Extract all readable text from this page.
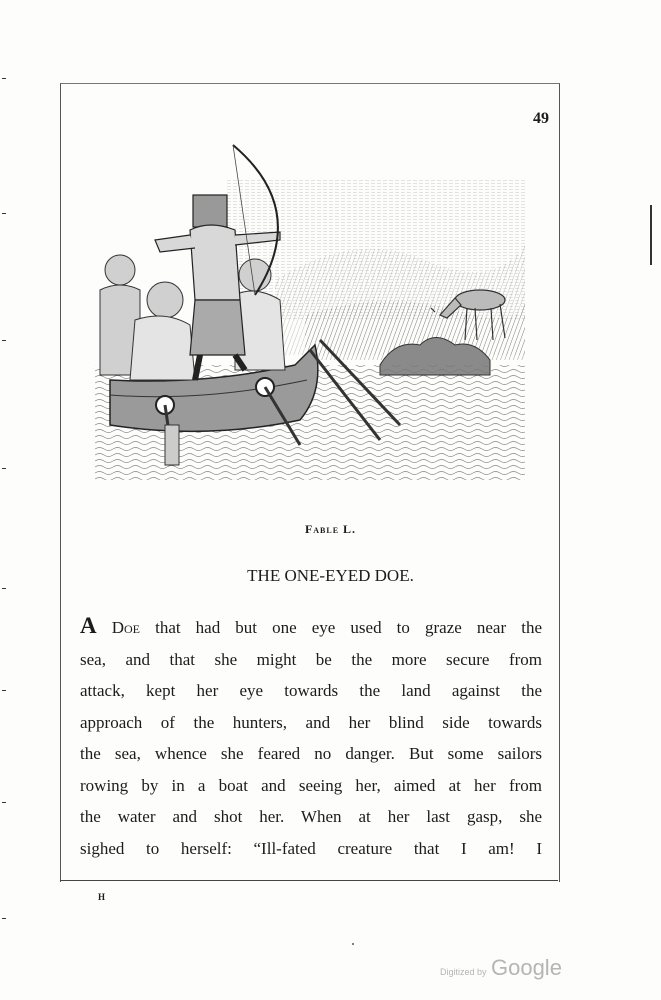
49
Fable L.
THE ONE-EYED DOE.
A Doe that had but one eye used to graze near the
sea, and that she might be the more secure from
attack, kept her eye towards the land against the
approach of the hunters, and her blind side towards
the sea, whence she feared no danger. But some sailors
rowing by in a boat and seeing her, aimed at her from
the water and shot her. When at her last gasp, she
sighed to herself: “Ill-fated creature that I am! I
H
Digitized by Google
